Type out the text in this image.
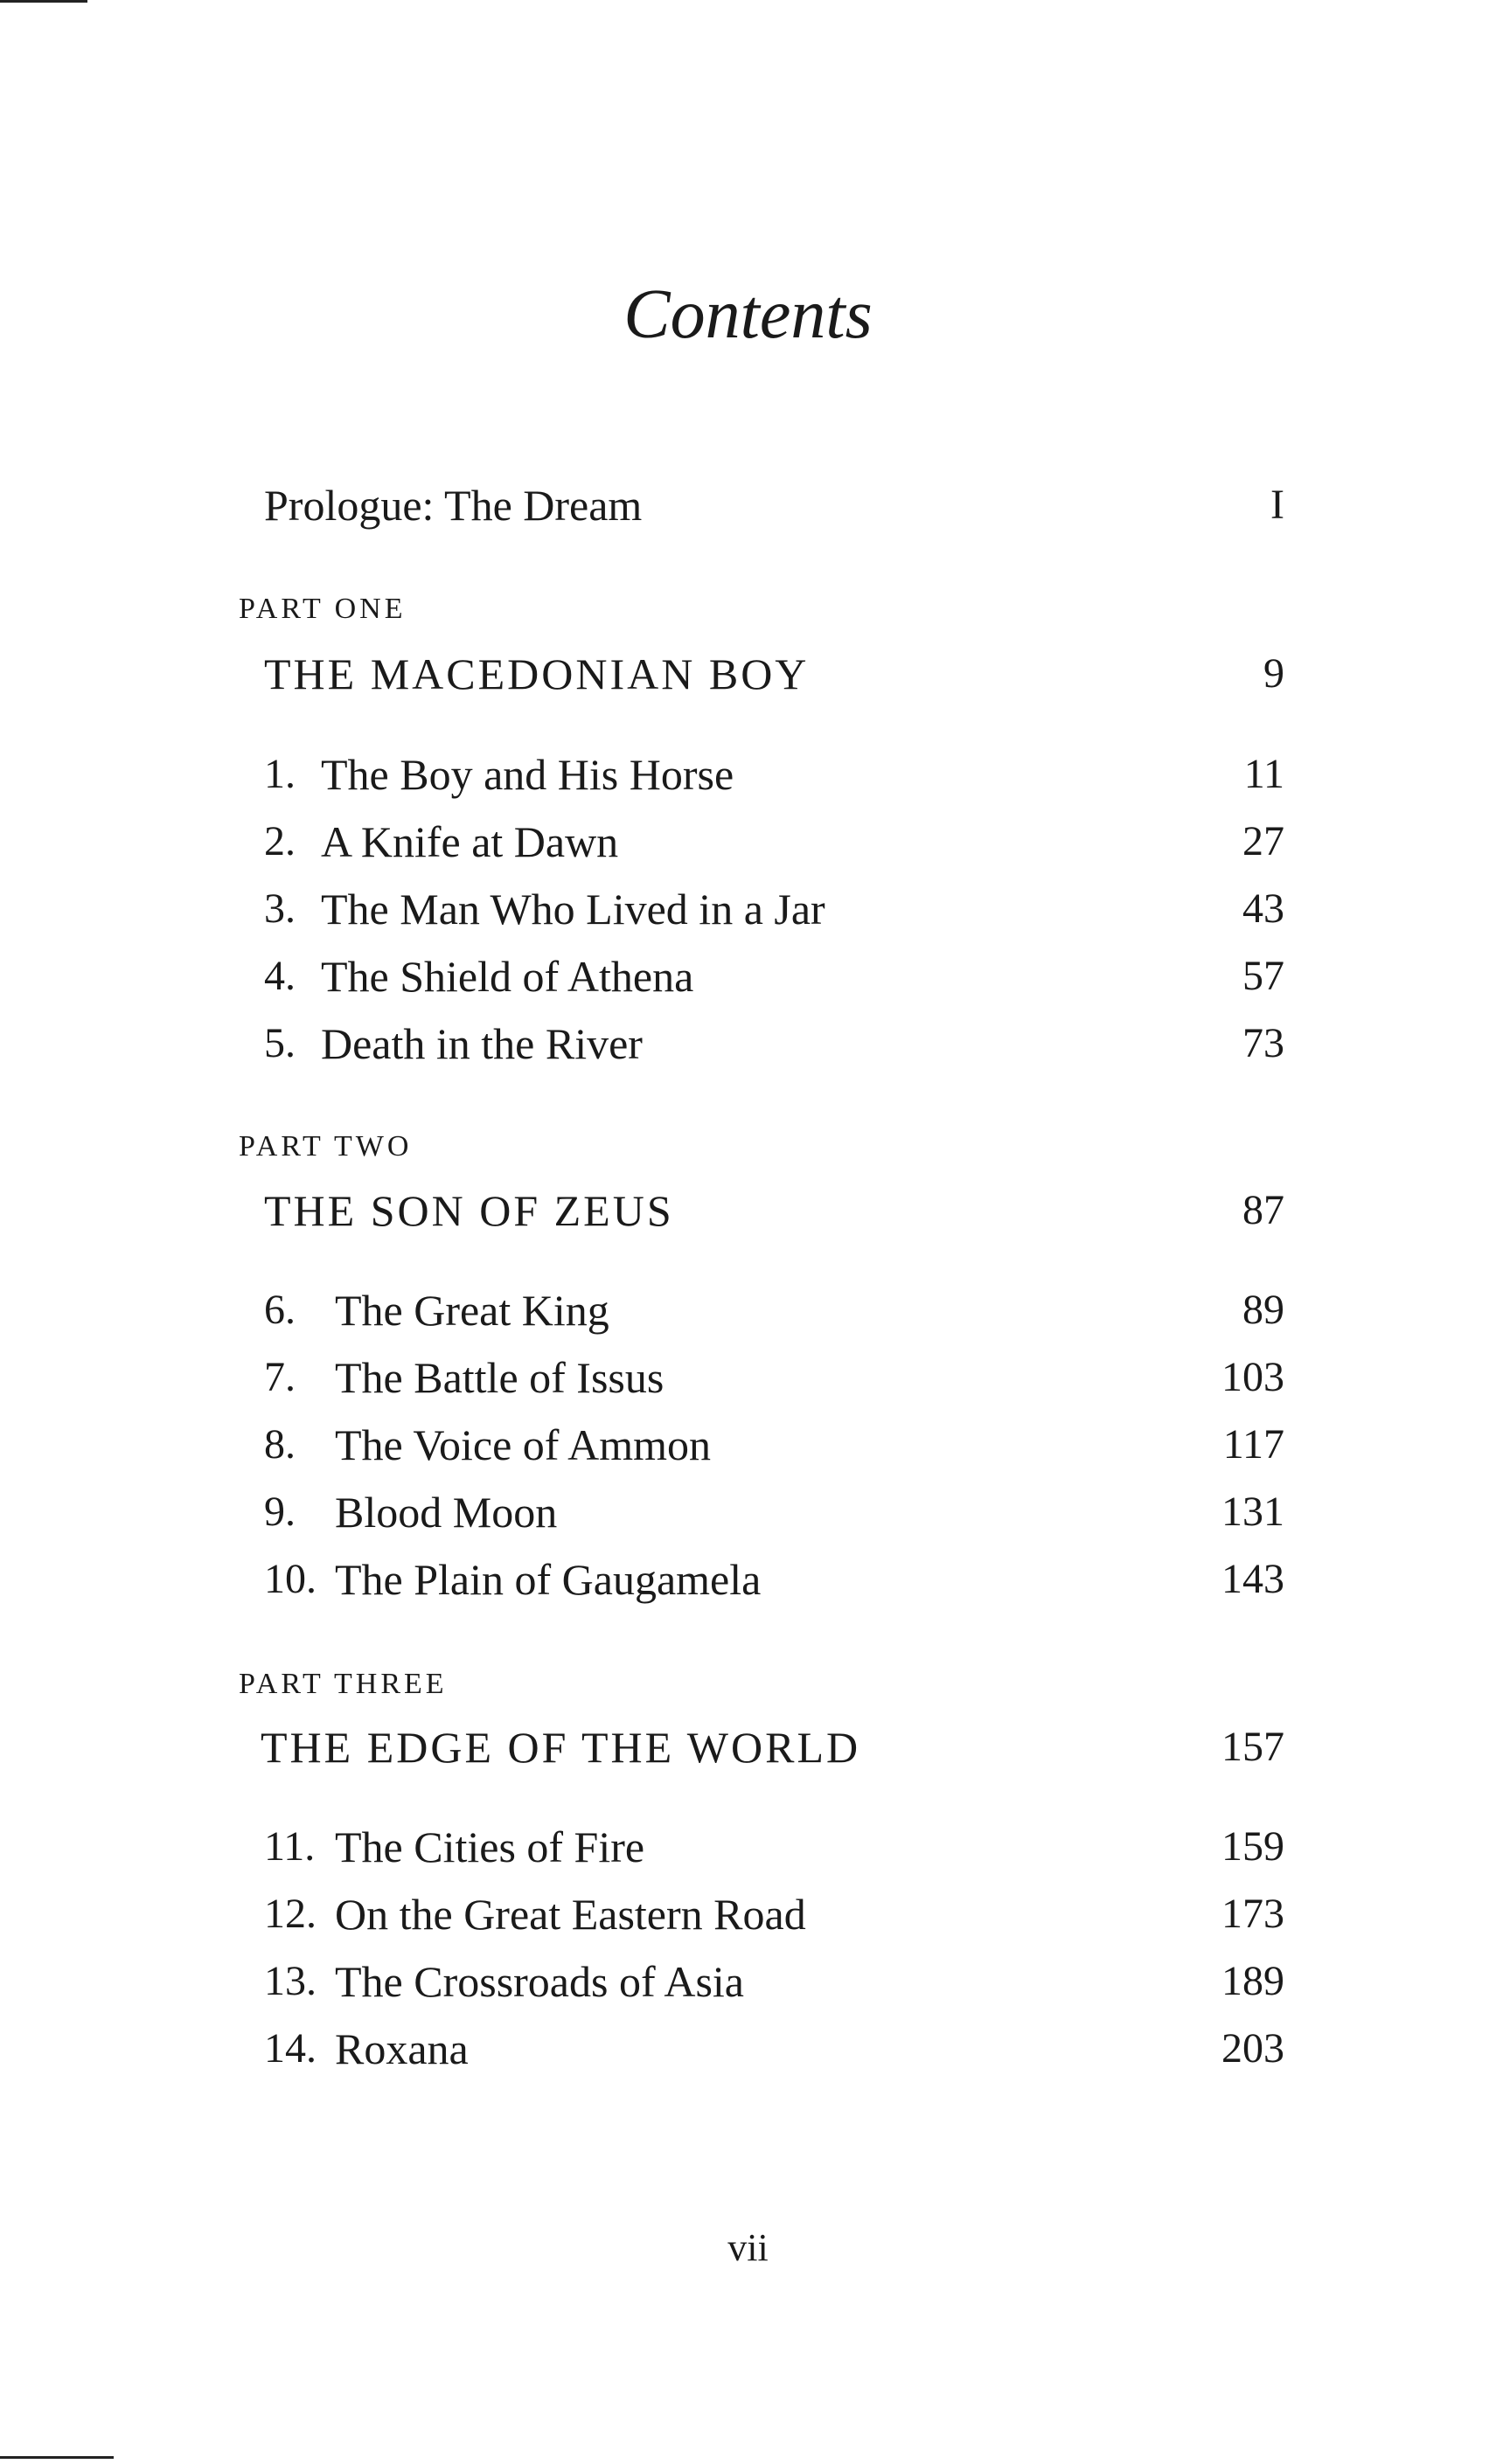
Contents
Prologue: The Dream	I
PART ONE
THE MACEDONIAN BOY	9
1. The Boy and His Horse	11
2. A Knife at Dawn	27
3. The Man Who Lived in a Jar	43
4. The Shield of Athena	57
5. Death in the River	73
PART TWO
THE SON OF ZEUS	87
6. The Great King	89
7. The Battle of Issus	103
8. The Voice of Ammon	117
9. Blood Moon	131
10. The Plain of Gaugamela	143
PART THREE
THE EDGE OF THE WORLD	157
11. The Cities of Fire	159
12. On the Great Eastern Road	173
13. The Crossroads of Asia	189
14. Roxana	203
vii
